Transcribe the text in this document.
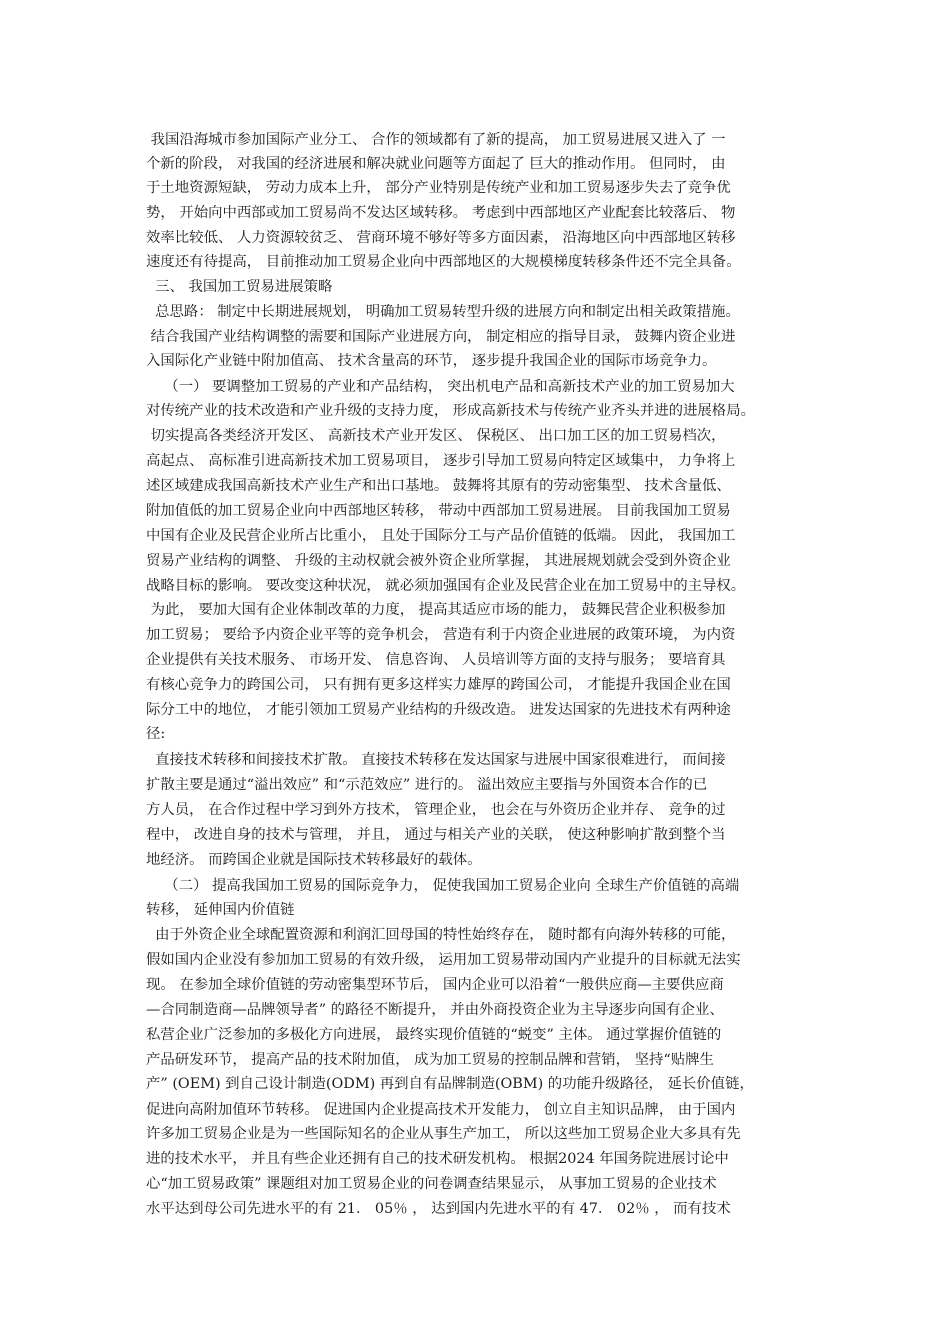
我国沿海城市参加国际产业分工、 合作的领域都有了新的提高， 加工贸易进展又进入了 一
个新的阶段， 对我国的经济进展和解决就业问题等方面起了 巨大的推动作用。 但同时， 由
于土地资源短缺， 劳动力成本上升， 部分产业特别是传统产业和加工贸易逐步失去了竞争优
势， 开始向中西部或加工贸易尚不发达区域转移。 考虑到中西部地区产业配套比较落后、 物
效率比较低、 人力资源较贫乏、 营商环境不够好等多方面因素， 沿海地区向中西部地区转移
速度还有待提高， 目前推动加工贸易企业向中西部地区的大规模梯度转移条件还不完全具备。
三、 我国加工贸易进展策略
总思路： 制定中长期进展规划， 明确加工贸易转型升级的进展方向和制定出相关政策措施。
结合我国产业结构调整的需要和国际产业进展方向， 制定相应的指导目录， 鼓舞内资企业进
入国际化产业链中附加值高、 技术含量高的环节， 逐步提升我国企业的国际市场竞争力。
（一） 要调整加工贸易的产业和产品结构， 突出机电产品和高新技术产业的加工贸易加大
对传统产业的技术改造和产业升级的支持力度， 形成高新技术与传统产业齐头并进的进展格局。
切实提高各类经济开发区、 高新技术产业开发区、 保税区、 出口加工区的加工贸易档次，
高起点、 高标准引进高新技术加工贸易项目， 逐步引导加工贸易向特定区域集中， 力争将上
述区域建成我国高新技术产业生产和出口基地。 鼓舞将其原有的劳动密集型、 技术含量低、
附加值低的加工贸易企业向中西部地区转移， 带动中西部加工贸易进展。 目前我国加工贸易
中国有企业及民营企业所占比重小， 且处于国际分工与产品价值链的低端。 因此， 我国加工
贸易产业结构的调整、 升级的主动权就会被外资企业所掌握， 其进展规划就会受到外资企业
战略目标的影响。 要改变这种状况， 就必须加强国有企业及民营企业在加工贸易中的主导权。
为此， 要加大国有企业体制改革的力度， 提高其适应市场的能力， 鼓舞民营企业积极参加
加工贸易； 要给予内资企业平等的竞争机会， 营造有利于内资企业进展的政策环境， 为内资
企业提供有关技术服务、 市场开发、 信息咨询、 人员培训等方面的支持与服务； 要培育具
有核心竞争力的跨国公司， 只有拥有更多这样实力雄厚的跨国公司， 才能提升我国企业在国
际分工中的地位， 才能引领加工贸易产业结构的升级改造。 进发达国家的先进技术有两种途
径:
直接技术转移和间接技术扩散。 直接技术转移在发达国家与进展中国家很难进行， 而间接
扩散主要是通过“溢出效应” 和“示范效应” 进行的。 溢出效应主要指与外国资本合作的已
方人员， 在合作过程中学习到外方技术， 管理企业， 也会在与外资历企业并存、 竞争的过
程中， 改进自身的技术与管理， 并且， 通过与相关产业的关联， 使这种影响扩散到整个当
地经济。 而跨国企业就是国际技术转移最好的载体。
（二） 提高我国加工贸易的国际竞争力， 促使我国加工贸易企业向 全球生产价值链的高端
转移， 延伸国内价值链
由于外资企业全球配置资源和利润汇回母国的特性始终存在， 随时都有向海外转移的可能，
假如国内企业没有参加加工贸易的有效升级， 运用加工贸易带动国内产业提升的目标就无法实
现。 在参加全球价值链的劳动密集型环节后， 国内企业可以沿着“一般供应商—主要供应商
—合同制造商—品牌领导者” 的路径不断提升， 并由外商投资企业为主导逐步向国有企业、
私营企业广泛参加的多极化方向进展， 最终实现价值链的“蜕变” 主体。 通过掌握价值链的
产品研发环节， 提高产品的技术附加值， 成为加工贸易的控制品牌和营销， 坚持“贴牌生
产” (OEM) 到自己设计制造(ODM) 再到自有品牌制造(OBM) 的功能升级路径， 延长价值链，
促进向高附加值环节转移。 促进国内企业提高技术开发能力， 创立自主知识品牌， 由于国内
许多加工贸易企业是为一些国际知名的企业从事生产加工， 所以这些加工贸易企业大多具有先
进的技术水平， 并且有些企业还拥有自己的技术研发机构。 根据2024 年国务院进展讨论中
心“加工贸易政策” 课题组对加工贸易企业的问卷调查结果显示， 从事加工贸易的企业技术
水平达到母公司先进水平的有 21． 05％ ， 达到国内先进水平的有 47． 02％ ， 而有技术
